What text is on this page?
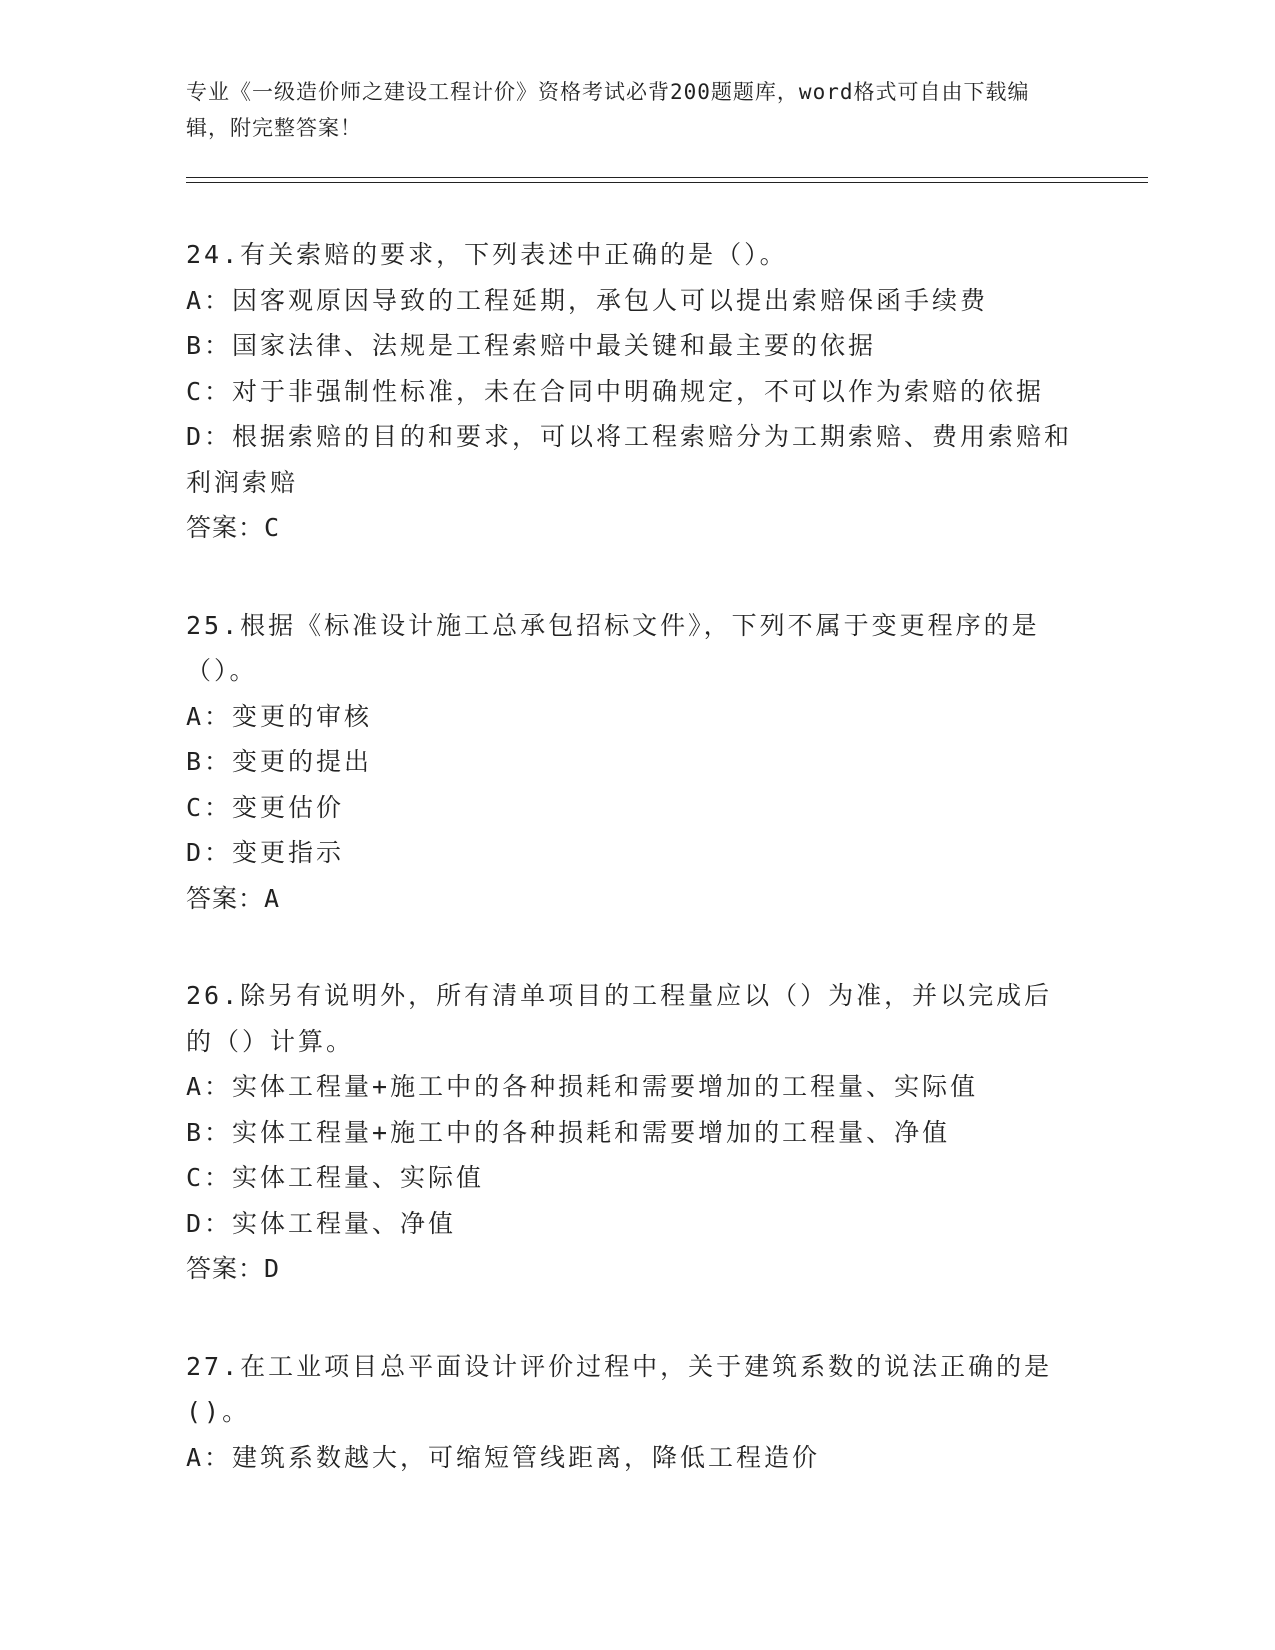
专业《一级造价师之建设工程计价》资格考试必背200题题库，word格式可自由下载编辑，附完整答案！

24.有关索赔的要求，下列表述中正确的是（）。

A：因客观原因导致的工程延期，承包人可以提出索赔保函手续费

B：国家法律、法规是工程索赔中最关键和最主要的依据

C：对于非强制性标准，未在合同中明确规定，不可以作为索赔的依据

D：根据索赔的目的和要求，可以将工程索赔分为工期索赔、费用索赔和利润索赔

答案：C

25.根据《标准设计施工总承包招标文件》，下列不属于变更程序的是（）。

A：变更的审核

B：变更的提出

C：变更估价

D：变更指示

答案：A

26.除另有说明外，所有清单项目的工程量应以（）为准，并以完成后的（）计算。

A：实体工程量+施工中的各种损耗和需要增加的工程量、实际值

B：实体工程量+施工中的各种损耗和需要增加的工程量、净值

C：实体工程量、实际值

D：实体工程量、净值

答案：D

27.在工业项目总平面设计评价过程中，关于建筑系数的说法正确的是()。

A：建筑系数越大，可缩短管线距离，降低工程造价
